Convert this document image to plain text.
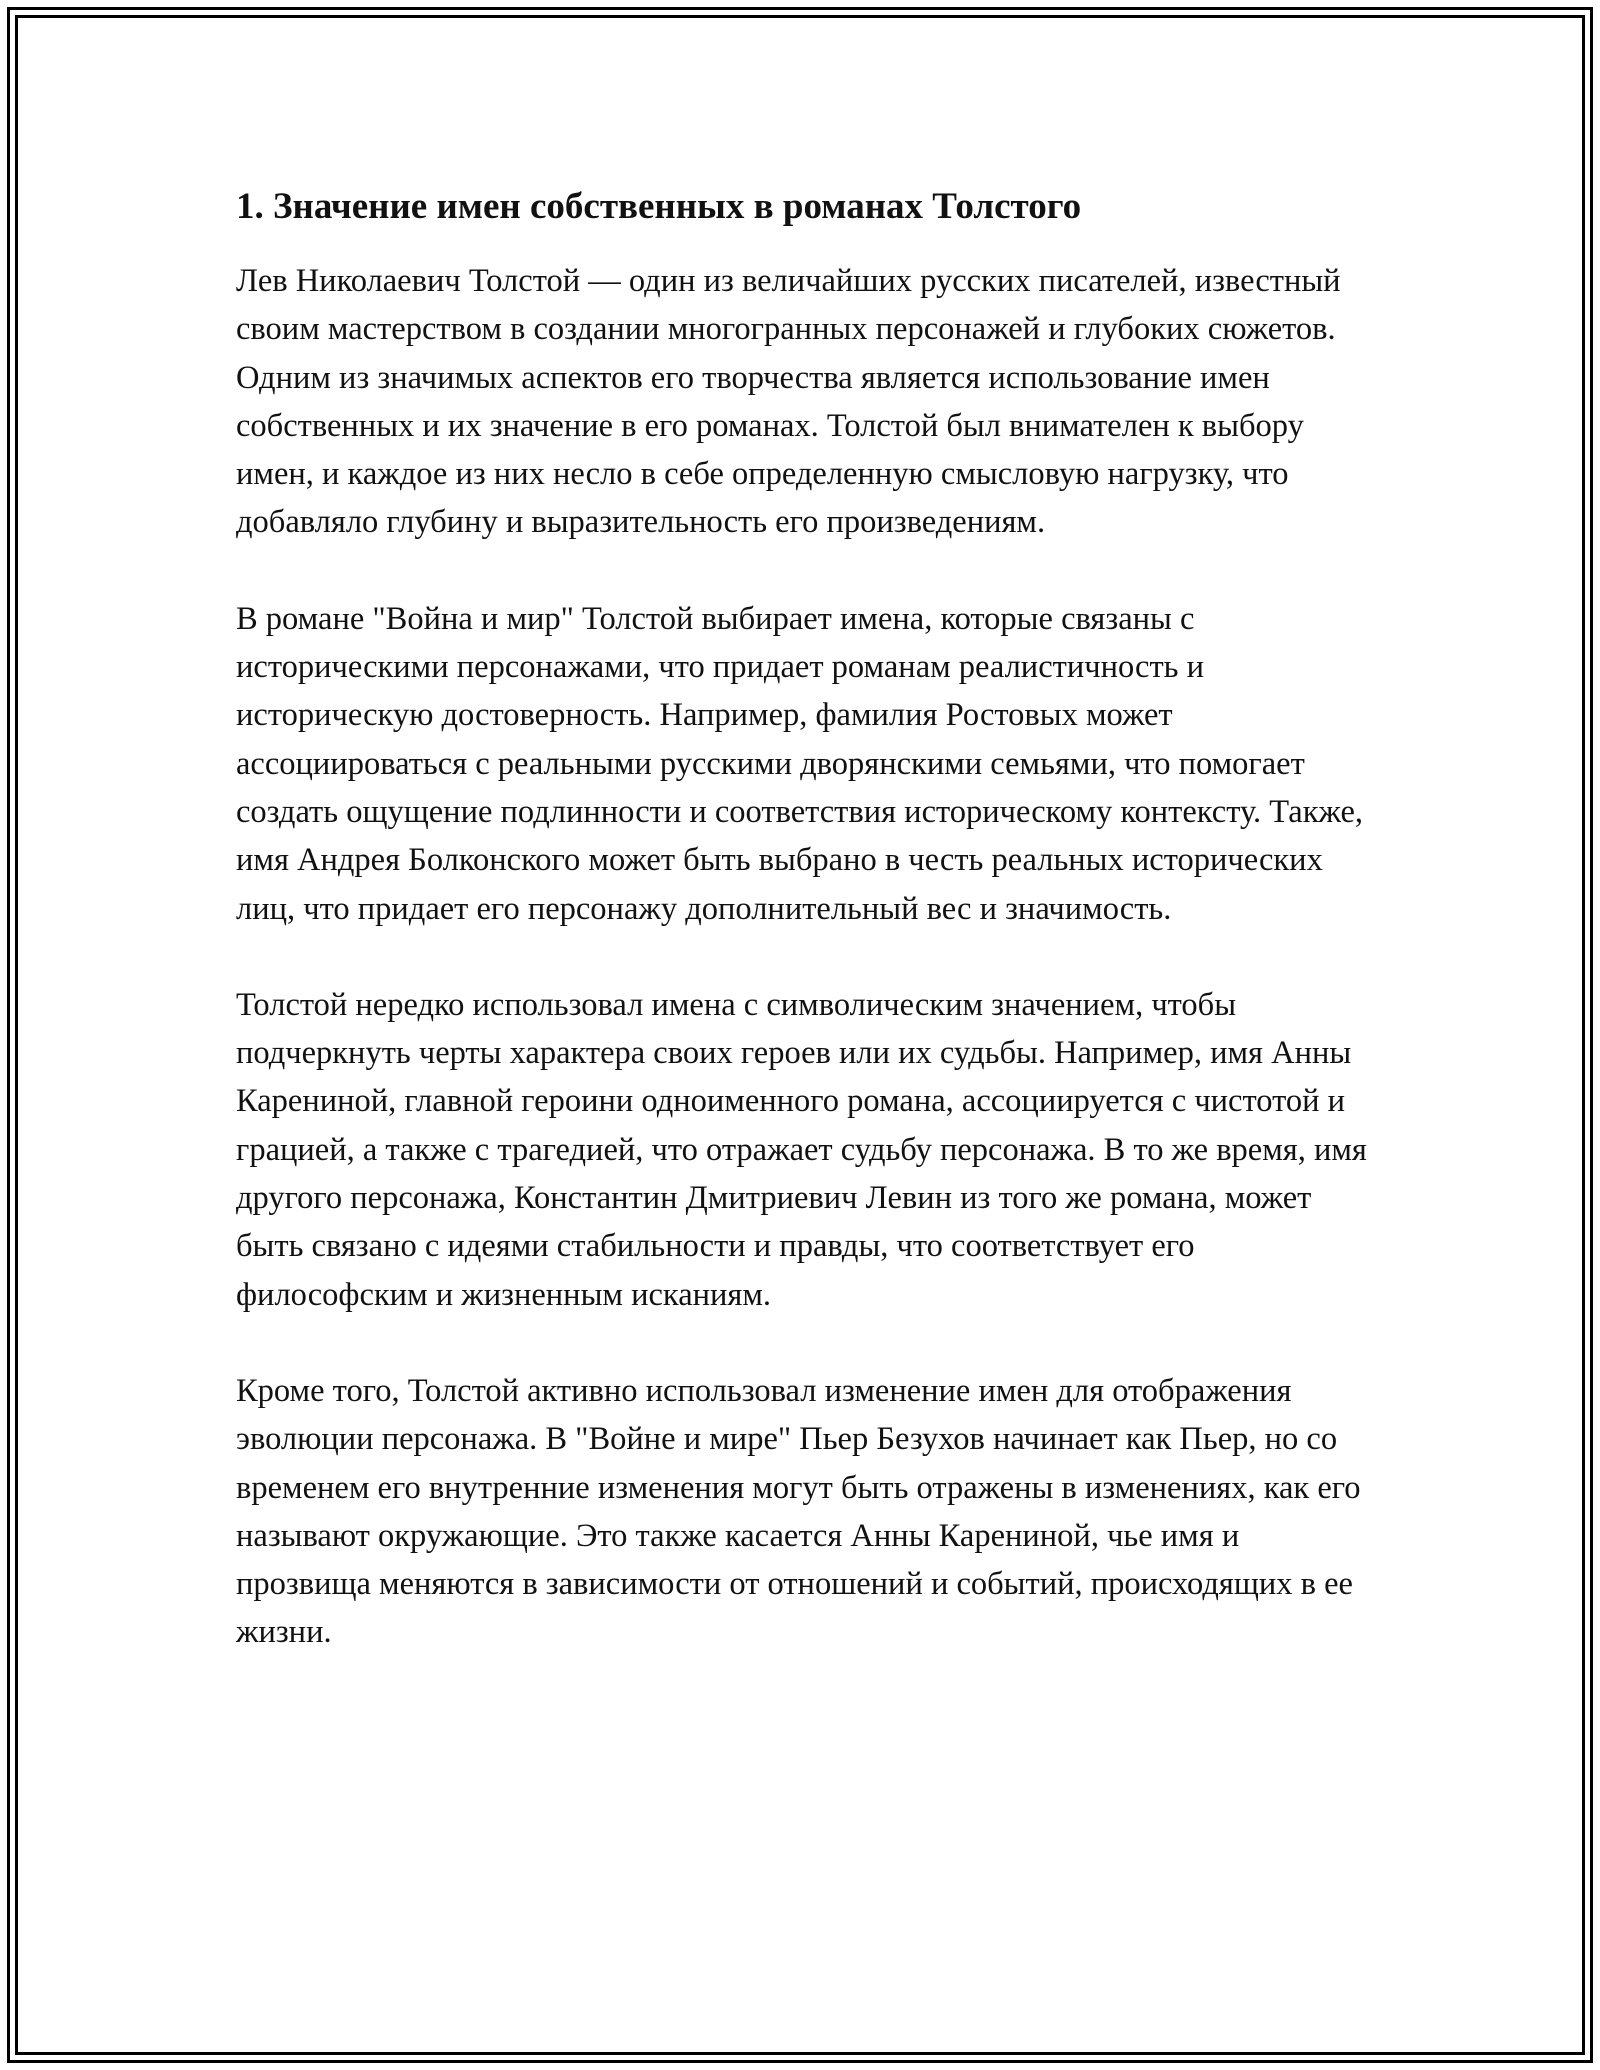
1. Значение имен собственных в романах Толстого

Лев Николаевич Толстой — один из величайших русских писателей, известный своим мастерством в создании многогранных персонажей и глубоких сюжетов. Одним из значимых аспектов его творчества является использование имен собственных и их значение в его романах. Толстой был внимателен к выбору имен, и каждое из них несло в себе определенную смысловую нагрузку, что добавляло глубину и выразительность его произведениям.

В романе "Война и мир" Толстой выбирает имена, которые связаны с историческими персонажами, что придает романам реалистичность и историческую достоверность. Например, фамилия Ростовых может ассоциироваться с реальными русскими дворянскими семьями, что помогает создать ощущение подлинности и соответствия историческому контексту. Также, имя Андрея Болконского может быть выбрано в честь реальных исторических лиц, что придает его персонажу дополнительный вес и значимость.

Толстой нередко использовал имена с символическим значением, чтобы подчеркнуть черты характера своих героев или их судьбы. Например, имя Анны Карениной, главной героини одноименного романа, ассоциируется с чистотой и грацией, а также с трагедией, что отражает судьбу персонажа. В то же время, имя другого персонажа, Константин Дмитриевич Левин из того же романа, может быть связано с идеями стабильности и правды, что соответствует его философским и жизненным исканиям.

Кроме того, Толстой активно использовал изменение имен для отображения эволюции персонажа. В "Войне и мире" Пьер Безухов начинает как Пьер, но со временем его внутренние изменения могут быть отражены в изменениях, как его называют окружающие. Это также касается Анны Карениной, чье имя и прозвища меняются в зависимости от отношений и событий, происходящих в ее жизни.
